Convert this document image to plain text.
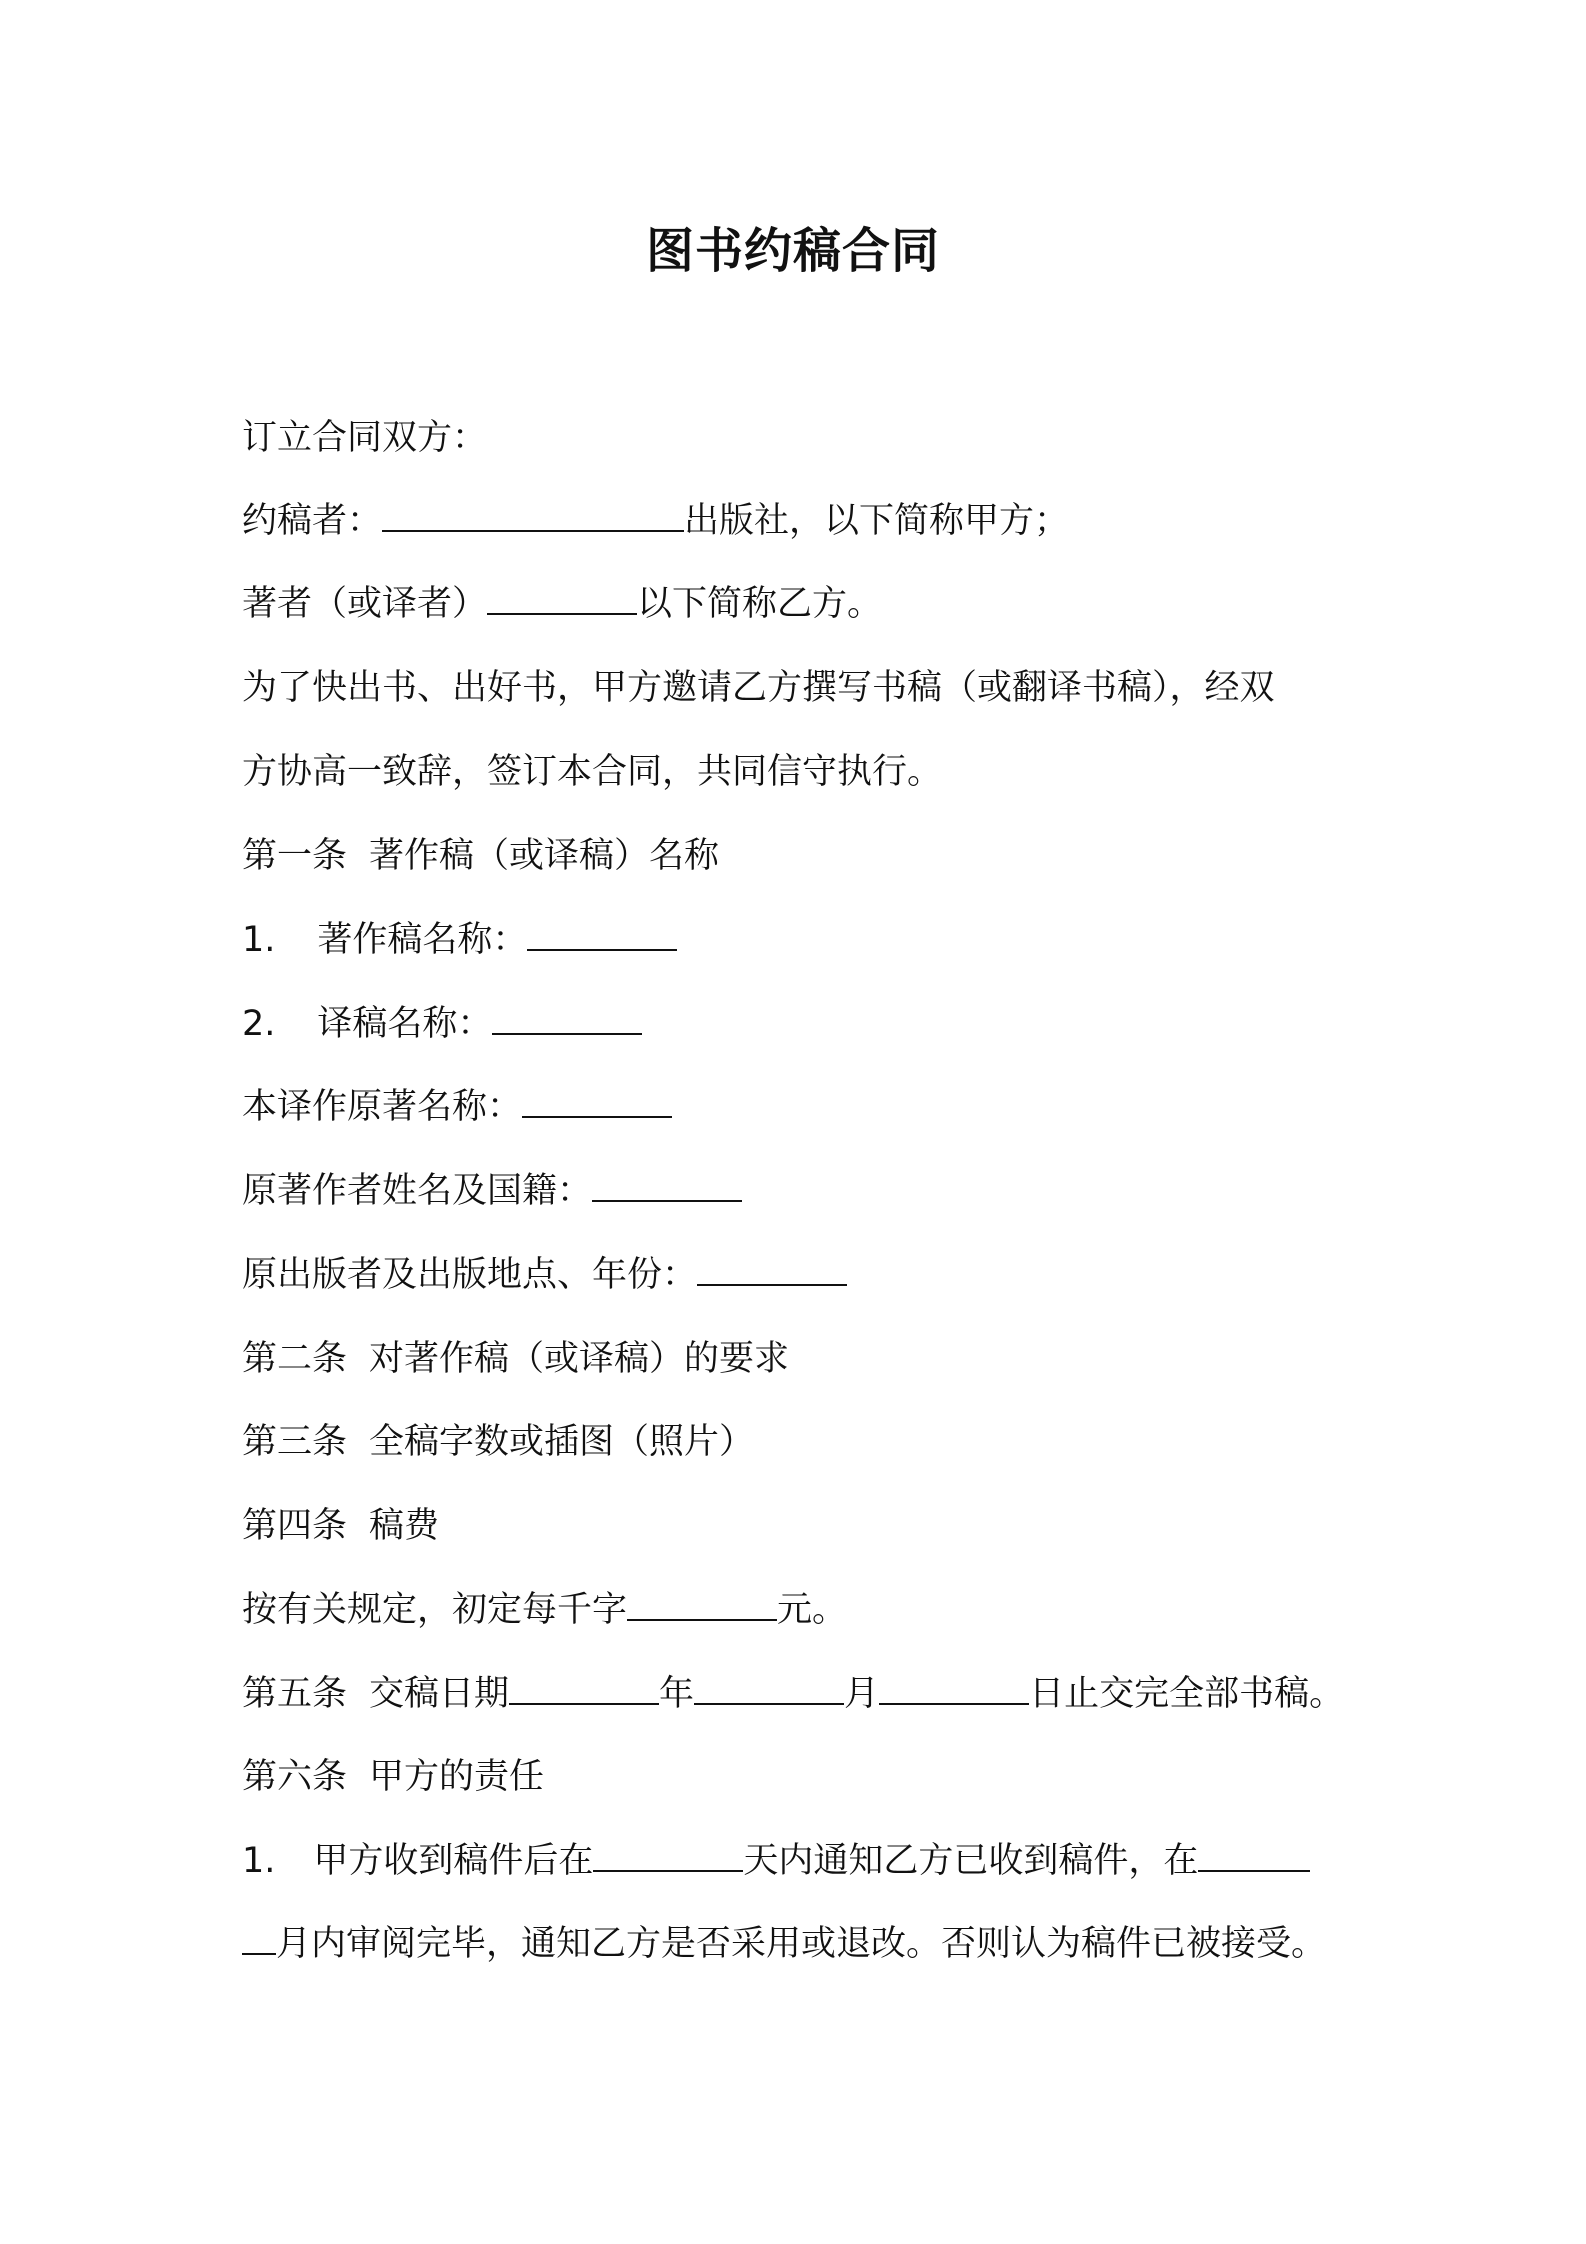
图书约稿合同
订立合同双方：
约稿者：	出版社，以下简称甲方；
著者（或译者）	以下简称乙方。
为了快出书、出好书，甲方邀请乙方撰写书稿（或翻译书稿），经双
方协高一致辞，签订本合同，共同信守执行。
第一条 著作稿（或译稿）名称
1. 著作稿名称：
2. 译稿名称：
本译作原著名称：
原著作者姓名及国籍：
原出版者及出版地点、年份：
第二条 对著作稿（或译稿）的要求
第三条 全稿字数或插图（照片）
第四条 稿费
按有关规定，初定每千字	元。
第五条 交稿日期	年	月	日止交完全部书稿。
第六条 甲方的责任
1. 甲方收到稿件后在	天内通知乙方已收到稿件，在
月内审阅完毕，通知乙方是否采用或退改。否则认为稿件已被接受。
